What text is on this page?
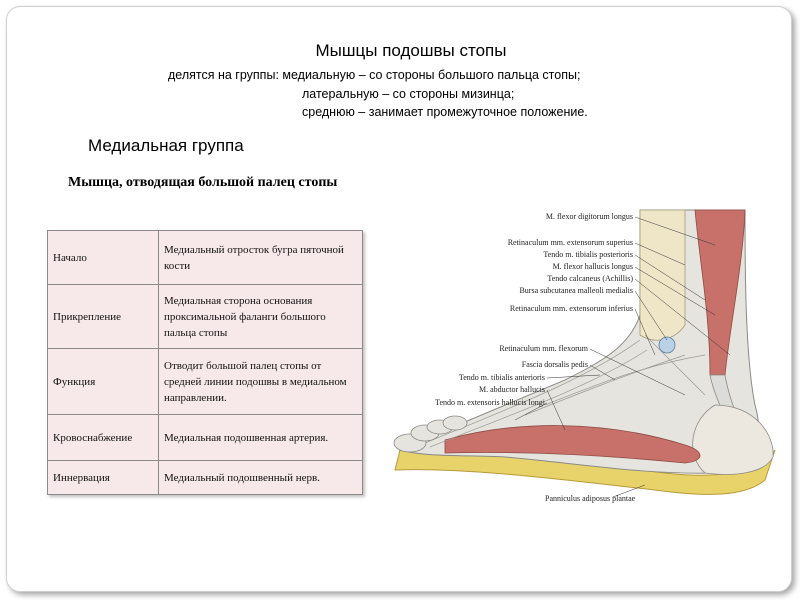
Мышцы подошвы стопы
делятся на группы: медиальную – со стороны большого пальца стопы;
латеральную – со стороны мизинца;
среднюю – занимает промежуточное положение.
Медиальная группа
Мышца, отводящая большой палец стопы
Начало	Медиальный отросток бугра пяточной кости
Прикрепление	Медиальная сторона основания проксимальной фаланги большого пальца стопы
Функция	Отводит большой палец стопы от средней линии подошвы в медиальном направлении.
Кровоснабжение	Медиальная подошвенная артерия.
Иннервация	Медиальный подошвенный нерв.
M. flexor digitorum longus
Retinaculum mm. extensorum superius
Tendo m. tibialis posterioris
M. flexor hallucis longus
Tendo calcaneus (Achillis)
Bursa subcutanea malleoli medialis
Retinaculum mm. extensorum inferius
Retinaculum mm. flexorum
Fascia dorsalis pedis
Tendo m. tibialis anterioris
M. abductor hallucis
Tendo m. extensoris hallucis longi
Panniculus adiposus plantae
